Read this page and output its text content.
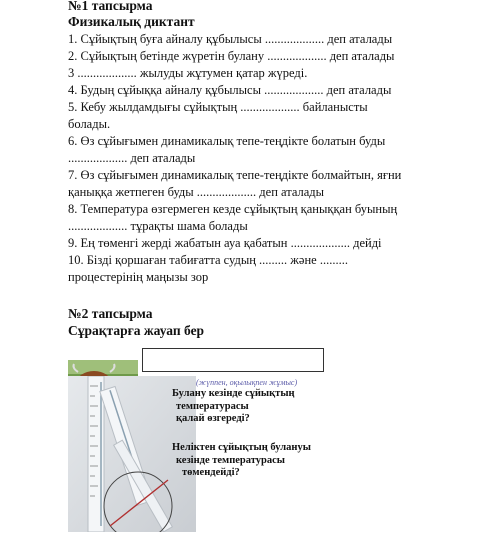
№1 тапсырма
Физикалық диктант
1. Сұйықтың буға айналу құбылысы ................... деп аталады
2. Сұйықтың бетінде жүретін булану ................... деп аталады
3 ................... жылуды жұтумен қатар жүреді.
4. Будың сұйыққа айналу құбылысы ................... деп аталады
5. Кебу жылдамдығы сұйықтың ................... байланысты
болады.
6. Өз сұйығымен динамикалық тепе-теңдікте болатын буды
................... деп аталады
7. Өз сұйығымен динамикалық тепе-теңдікте болмайтын, яғни
қаныққа жетпеген буды ................... деп аталады
8. Температура өзгермеген кезде сұйықтың қаныққан буының
................... тұрақты шама болады
9. Ең төменгі жерді жабатын ауа қабатын ................... дейді
10. Бізді қоршаған табиғатта судың ......... және .........
процестерінің маңызы зор
№2 тапсырма
Сұрақтарға жауап бер
(жүппен, оқылықпен жұмыс)
Булану кезінде сұйықтың
температурасы
қалай өзгереді?
Неліктен сұйықтың булануы
кезінде температурасы
төмендейді?
